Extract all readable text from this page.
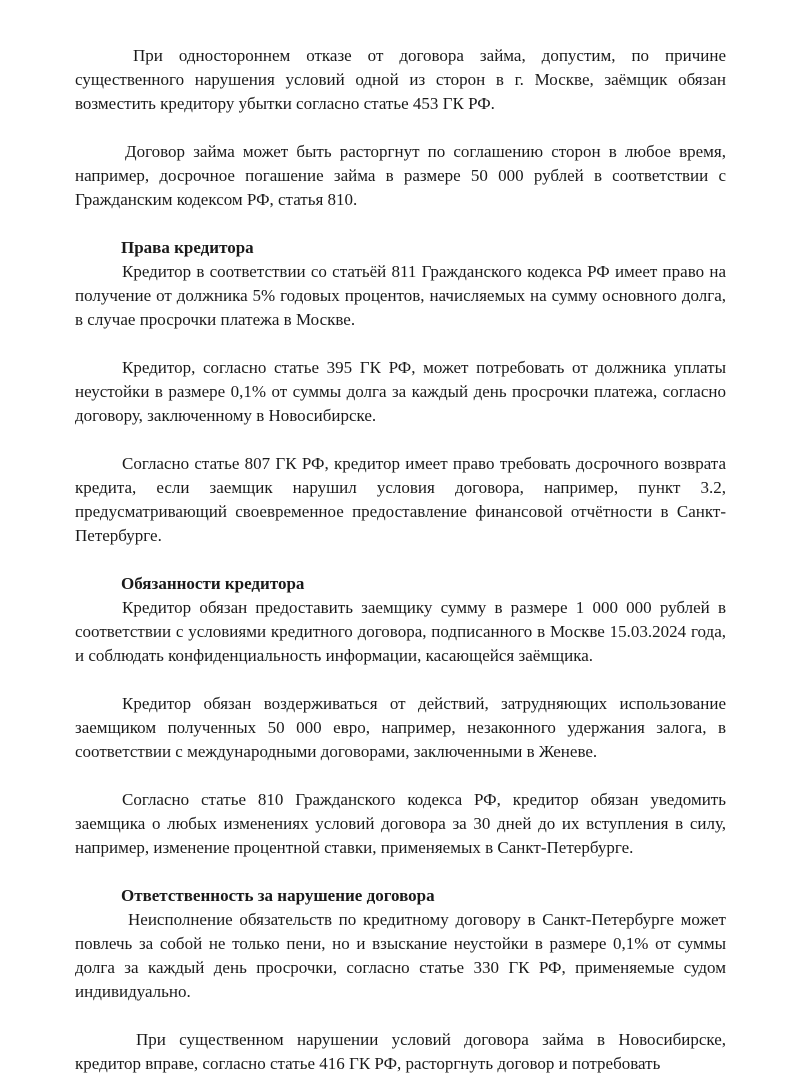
При одностороннем отказе от договора займа, допустим, по причине существенного нарушения условий одной из сторон в г. Москве, заёмщик обязан возместить кредитору убытки согласно статье 453 ГК РФ.

Договор займа может быть расторгнут по соглашению сторон в любое время, например, досрочное погашение займа в размере 50 000 рублей в соответствии с Гражданским кодексом РФ, статья 810.

Права кредитора

Кредитор в соответствии со статьёй 811 Гражданского кодекса РФ имеет право на получение от должника 5% годовых процентов, начисляемых на сумму основного долга, в случае просрочки платежа в Москве.

Кредитор, согласно статье 395 ГК РФ, может потребовать от должника уплаты неустойки в размере 0,1% от суммы долга за каждый день просрочки платежа, согласно договору, заключенному в Новосибирске.

Согласно статье 807 ГК РФ, кредитор имеет право требовать досрочного возврата кредита, если заемщик нарушил условия договора, например, пункт 3.2, предусматривающий своевременное предоставление финансовой отчётности в Санкт-Петербурге.

Обязанности кредитора

Кредитор обязан предоставить заемщику сумму в размере 1 000 000 рублей в соответствии с условиями кредитного договора, подписанного в Москве 15.03.2024 года, и соблюдать конфиденциальность информации, касающейся заёмщика.

Кредитор обязан воздерживаться от действий, затрудняющих использование заемщиком полученных 50 000 евро, например, незаконного удержания залога, в соответствии с международными договорами, заключенными в Женеве.

Согласно статье 810 Гражданского кодекса РФ, кредитор обязан уведомить заемщика о любых изменениях условий договора за 30 дней до их вступления в силу, например, изменение процентной ставки, применяемых в Санкт-Петербурге.

Ответственность за нарушение договора

Неисполнение обязательств по кредитному договору в Санкт-Петербурге может повлечь за собой не только пени, но и взыскание неустойки в размере 0,1% от суммы долга за каждый день просрочки, согласно статье 330 ГК РФ, применяемые судом индивидуально.

При существенном нарушении условий договора займа в Новосибирске, кредитор вправе, согласно статье 416 ГК РФ, расторгнуть договор и потребовать
